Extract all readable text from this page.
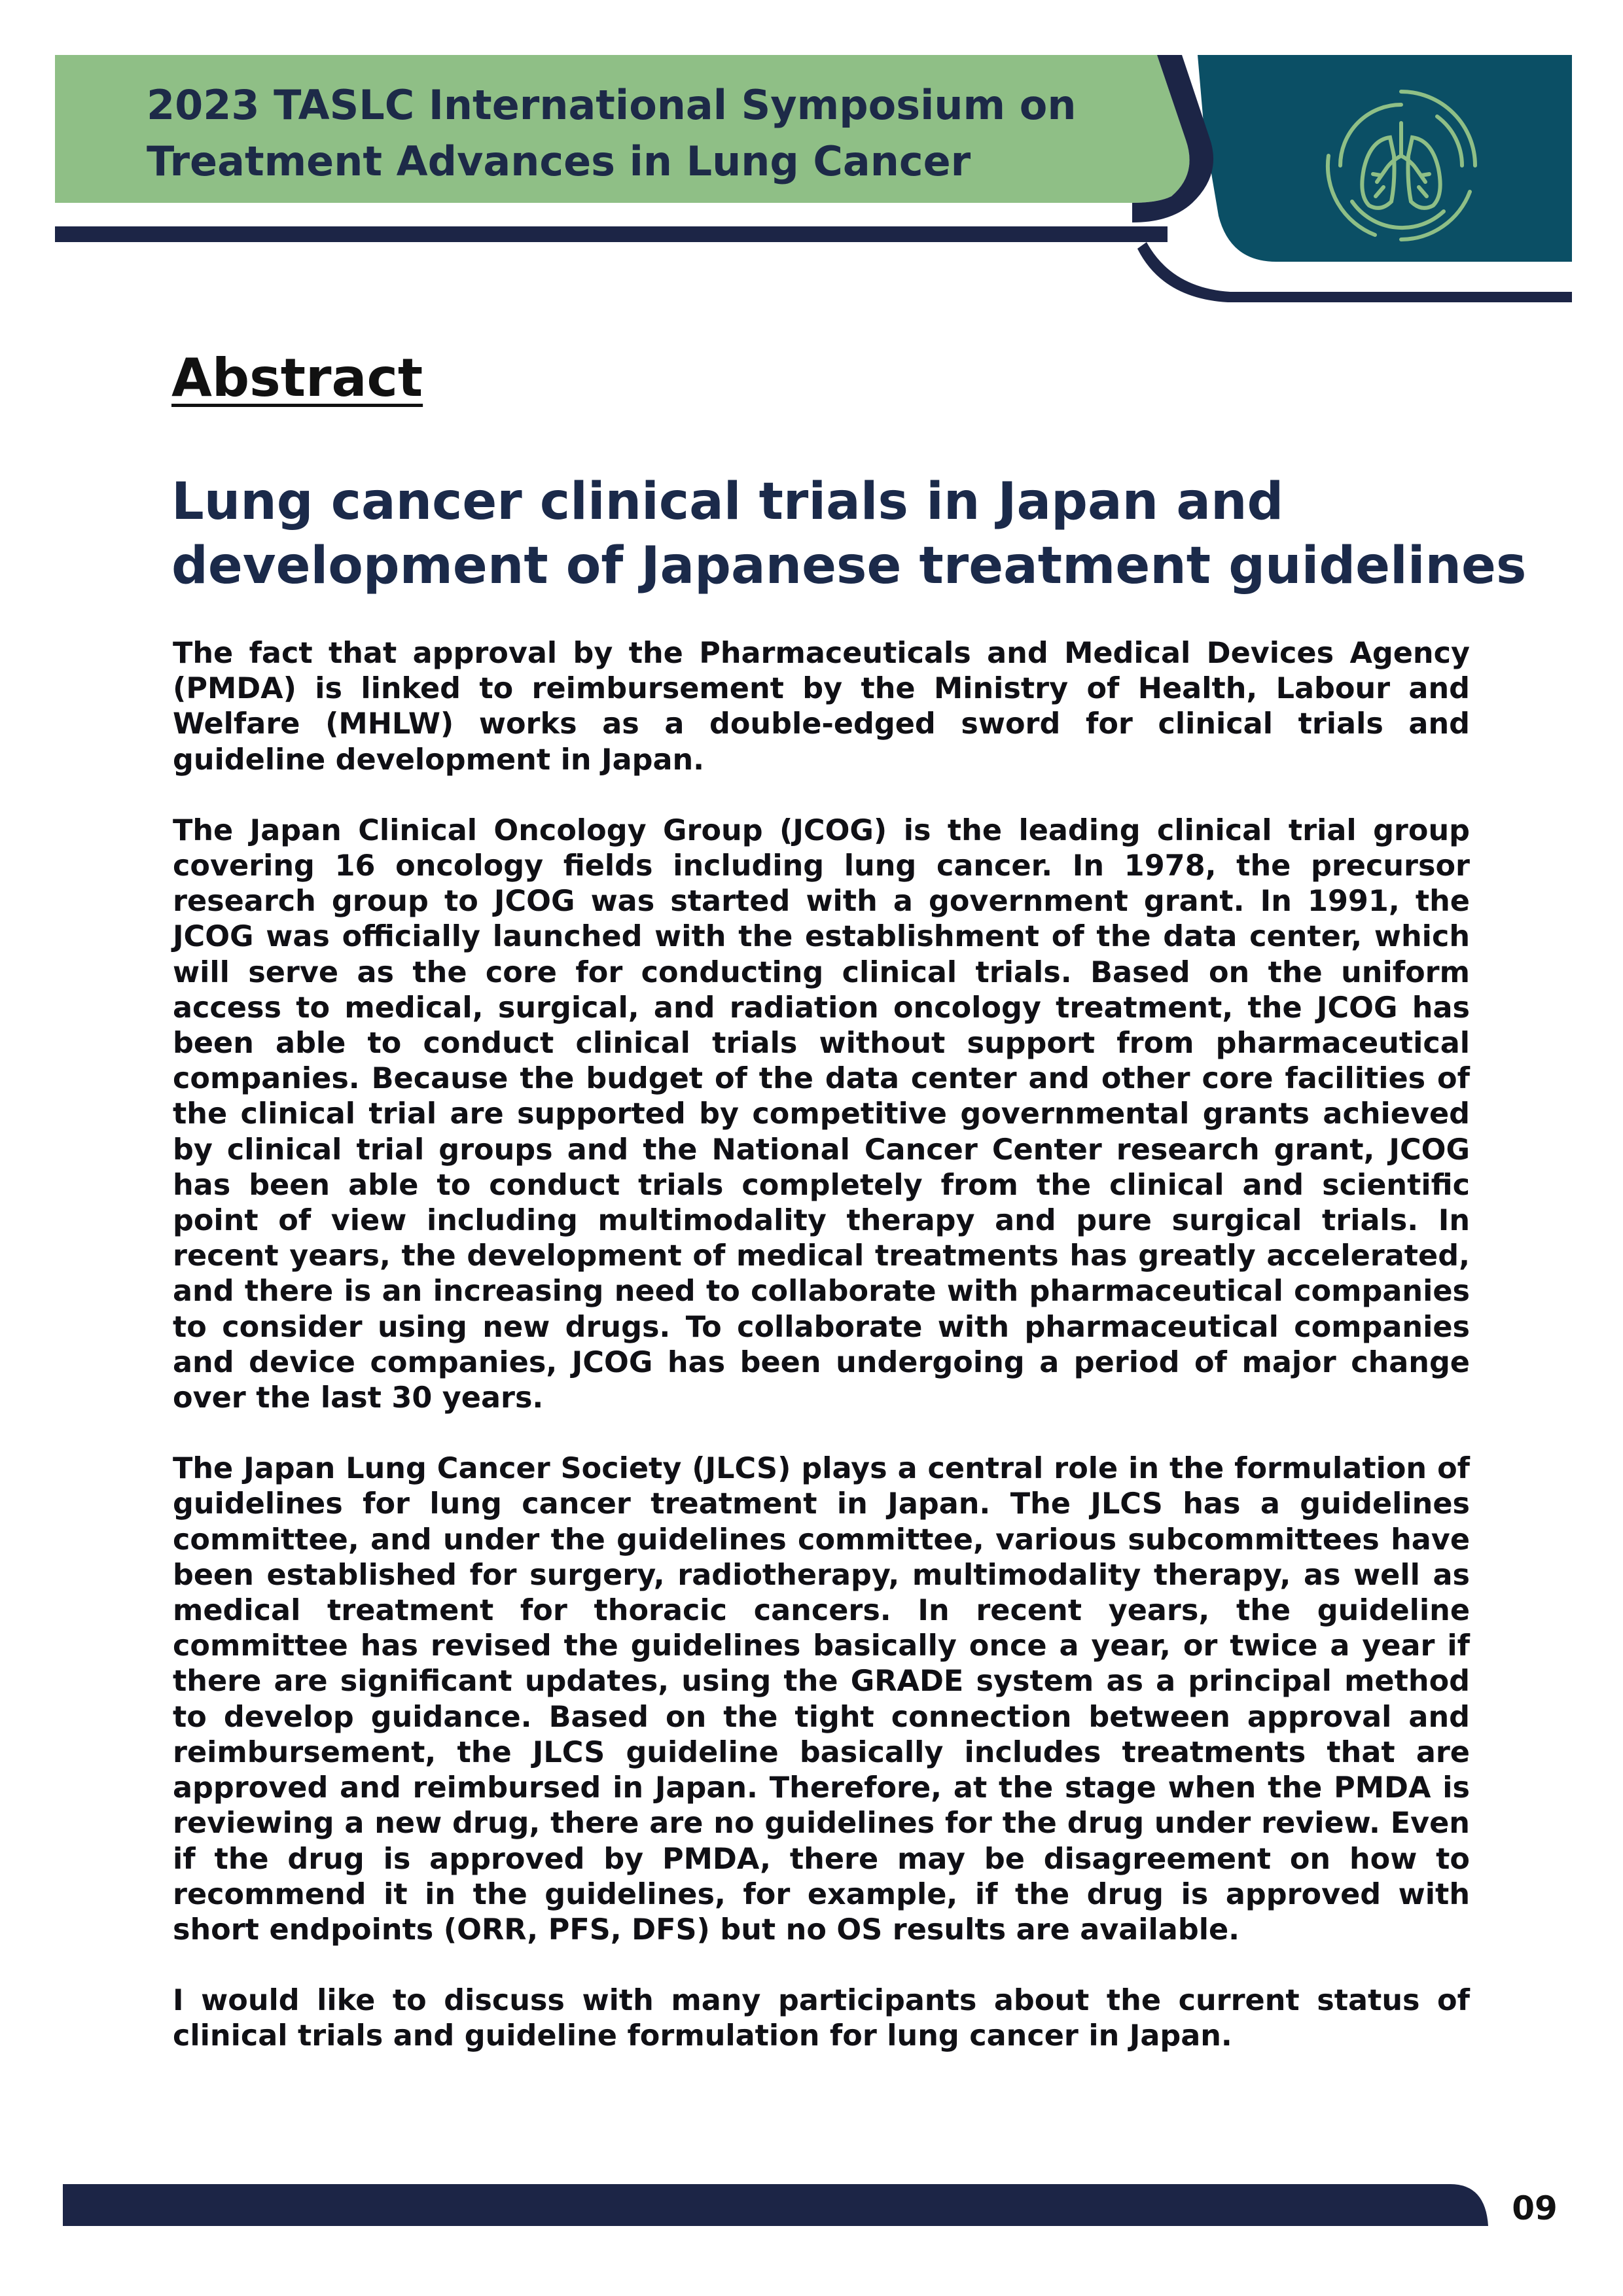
2023 TASLC International Symposium on
Treatment Advances in Lung Cancer
Abstract
Lung cancer clinical trials in Japan and
development of Japanese treatment guidelines

The fact that approval by the Pharmaceuticals and Medical Devices Agency (PMDA) is linked to reimbursement by the Ministry of Health, Labour and Welfare (MHLW) works as a double-edged sword for clinical trials and guideline development in Japan.

The Japan Clinical Oncology Group (JCOG) is the leading clinical trial group covering 16 oncology fields including lung cancer. In 1978, the precursor research group to JCOG was started with a government grant. In 1991, the JCOG was officially launched with the establishment of the data center, which will serve as the core for conducting clinical trials. Based on the uniform access to medical, surgical, and radiation oncology treatment, the JCOG has been able to conduct clinical trials without support from pharmaceutical companies. Because the budget of the data center and other core facilities of the clinical trial are supported by competitive governmental grants achieved by clinical trial groups and the National Cancer Center research grant, JCOG has been able to conduct trials completely from the clinical and scientific point of view including multimodality therapy and pure surgical trials. In recent years, the development of medical treatments has greatly accelerated, and there is an increasing need to collaborate with pharmaceutical companies to consider using new drugs. To collaborate with pharmaceutical companies and device companies, JCOG has been undergoing a period of major change over the last 30 years.

The Japan Lung Cancer Society (JLCS) plays a central role in the formulation of guidelines for lung cancer treatment in Japan. The JLCS has a guidelines committee, and under the guidelines committee, various subcommittees have been established for surgery, radiotherapy, multimodality therapy, as well as medical treatment for thoracic cancers. In recent years, the guideline committee has revised the guidelines basically once a year, or twice a year if there are significant updates, using the GRADE system as a principal method to develop guidance. Based on the tight connection between approval and reimbursement, the JLCS guideline basically includes treatments that are approved and reimbursed in Japan. Therefore, at the stage when the PMDA is reviewing a new drug, there are no guidelines for the drug under review. Even if the drug is approved by PMDA, there may be disagreement on how to recommend it in the guidelines, for example, if the drug is approved with short endpoints (ORR, PFS, DFS) but no OS results are available.

I would like to discuss with many participants about the current status of clinical trials and guideline formulation for lung cancer in Japan.

09
